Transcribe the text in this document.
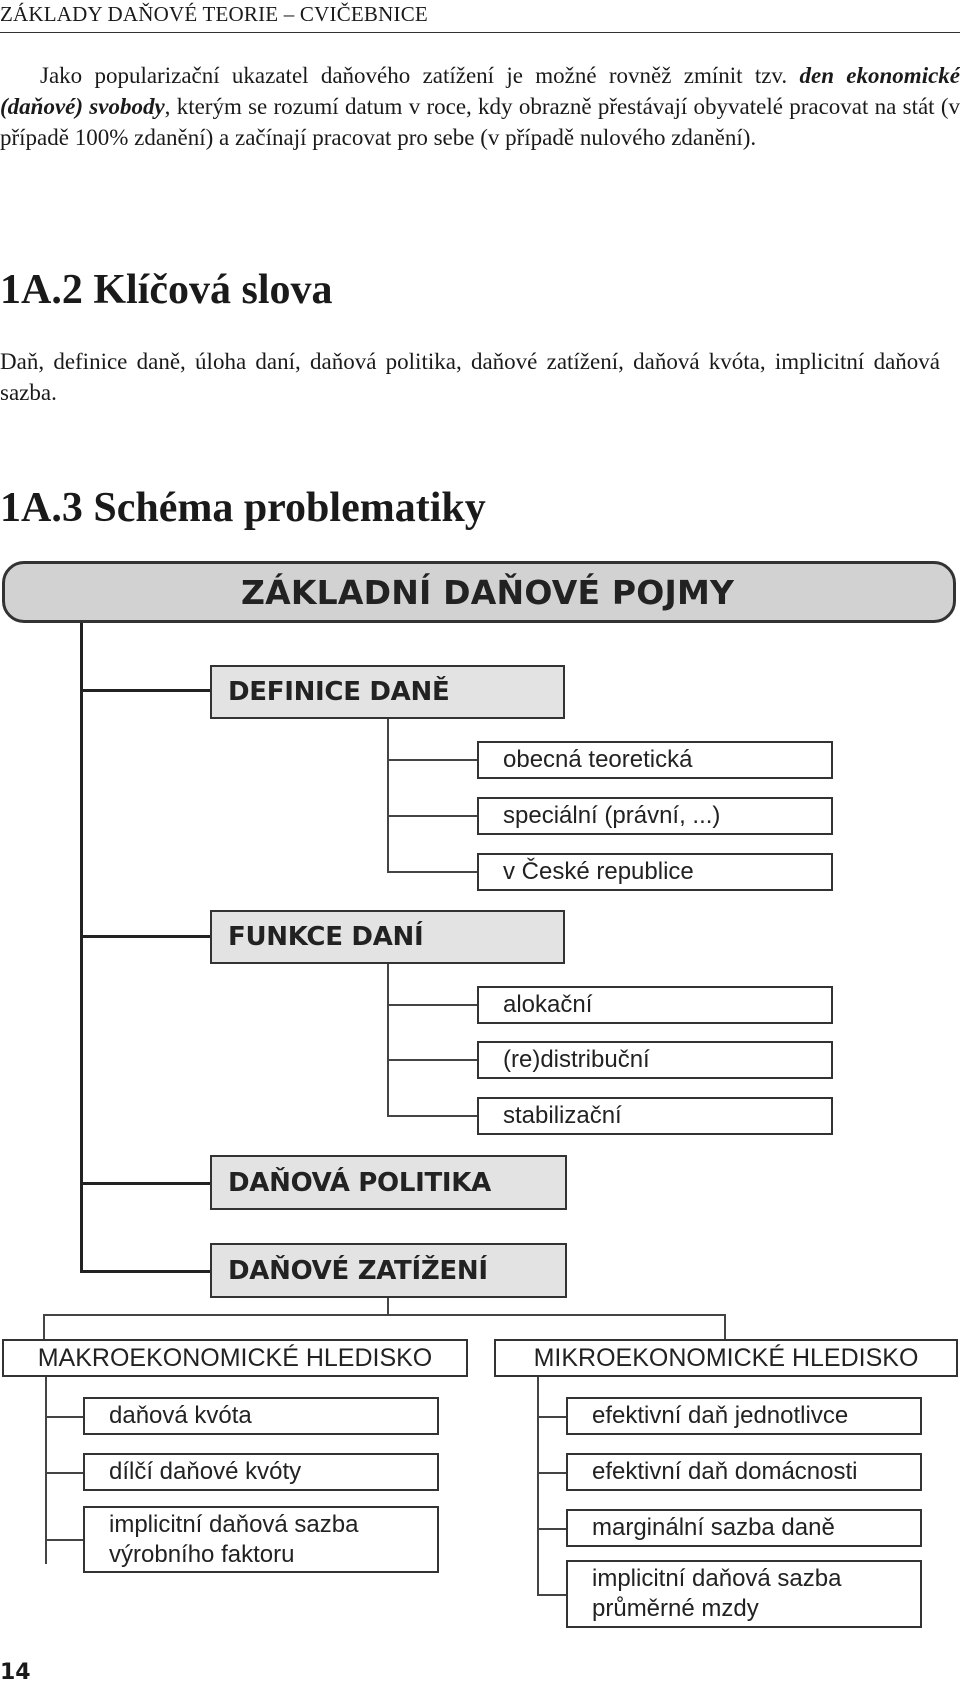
ZÁKLADY DAŇOVÉ TEORIE – CVIČEBNICE
Jako popularizační ukazatel daňového zatížení je možné rovněž zmínit tzv. den ekonomické (daňové) svobody, kterým se rozumí datum v roce, kdy obrazně přestávají obyvatelé pracovat na stát (v případě 100% zdanění) a začínají pracovat pro sebe (v případě nulového zdanění).
1A.2 Klíčová slova
Daň, definice daně, úloha daní, daňová politika, daňové zatížení, daňová kvóta, implicitní daňová sazba.
1A.3 Schéma problematiky
ZÁKLADNÍ DAŇOVÉ POJMY
DEFINICE DANĚ
obecná teoretická
speciální (právní, ...)
v České republice
FUNKCE DANÍ
alokační
(re)distribuční
stabilizační
DAŇOVÁ POLITIKA
DAŇOVÉ ZATÍŽENÍ
MAKROEKONOMICKÉ HLEDISKO	MIKROEKONOMICKÉ HLEDISKO
daňová kvóta
dílčí daňové kvóty
implicitní daňová sazba výrobního faktoru
efektivní daň jednotlivce
efektivní daň domácnosti
marginální sazba daně
implicitní daňová sazba průměrné mzdy
14
